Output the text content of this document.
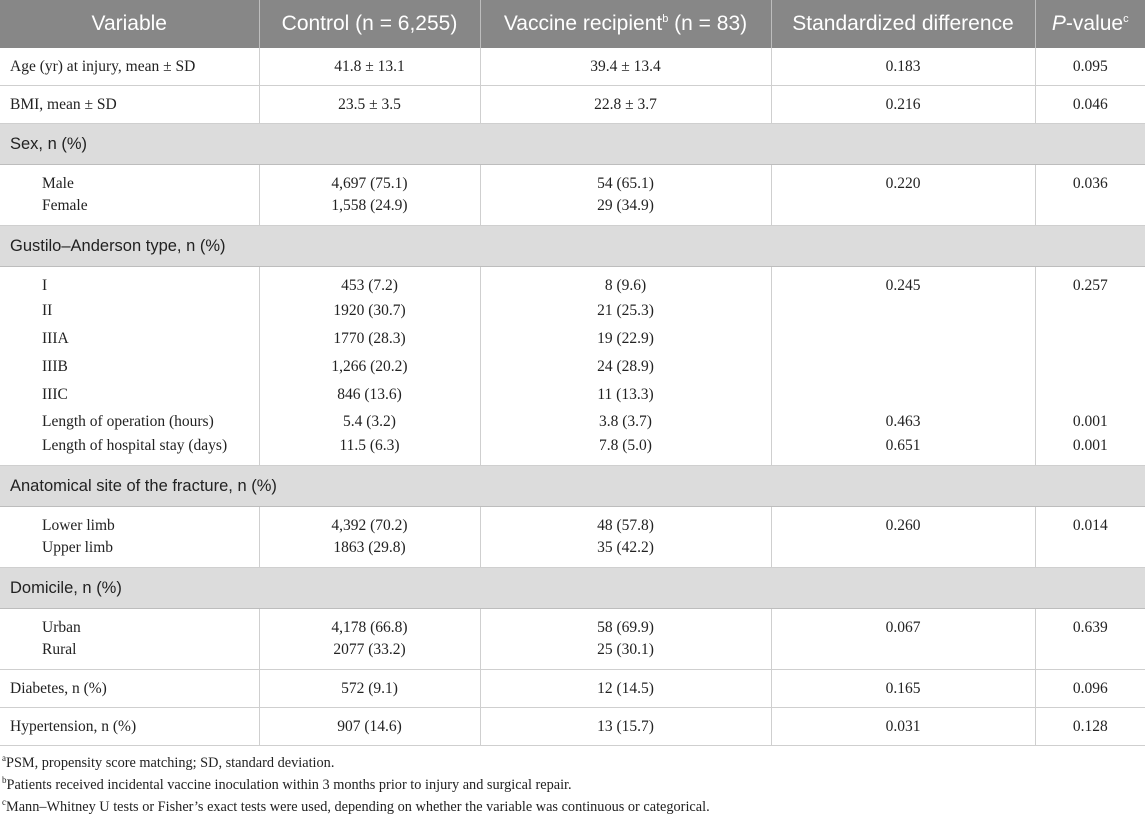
Variable	Control (n = 6,255)	Vaccine recipient$^b$ (n = 83)	Standardized difference	P-value$^c$
Age (yr) at injury, mean ± SD	41.8 ± 13.1	39.4 ± 13.4	0.183	0.095
BMI, mean ± SD	23.5 ± 3.5	22.8 ± 3.7	0.216	0.046
Sex, n (%)				
Male	4,697 (75.1)	54 (65.1)	0.220	0.036
Female	1,558 (24.9)	29 (34.9)		
Gustilo–Anderson type, n (%)				
I	453 (7.2)	8 (9.6)	0.245	0.257
II	1920 (30.7)	21 (25.3)		
IIIA	1770 (28.3)	19 (22.9)		
IIIB	1,266 (20.2)	24 (28.9)		
IIIC	846 (13.6)	11 (13.3)		
Length of operation (hours)	5.4 (3.2)	3.8 (3.7)	0.463	0.001
Length of hospital stay (days)	11.5 (6.3)	7.8 (5.0)	0.651	0.001
Anatomical site of the fracture, n (%)				
Lower limb	4,392 (70.2)	48 (57.8)	0.260	0.014
Upper limb	1863 (29.8)	35 (42.2)		
Domicile, n (%)				
Urban	4,178 (66.8)	58 (69.9)	0.067	0.639
Rural	2077 (33.2)	25 (30.1)		
Diabetes, n (%)	572 (9.1)	12 (14.5)	0.165	0.096
Hypertension, n (%)	907 (14.6)	13 (15.7)	0.031	0.128
$^a$PSM, propensity score matching; SD, standard deviation.
$^b$Patients received incidental vaccine inoculation within 3 months prior to injury and surgical repair.
$^c$Mann–Whitney U tests or Fisher’s exact tests were used, depending on whether the variable was continuous or categorical.
